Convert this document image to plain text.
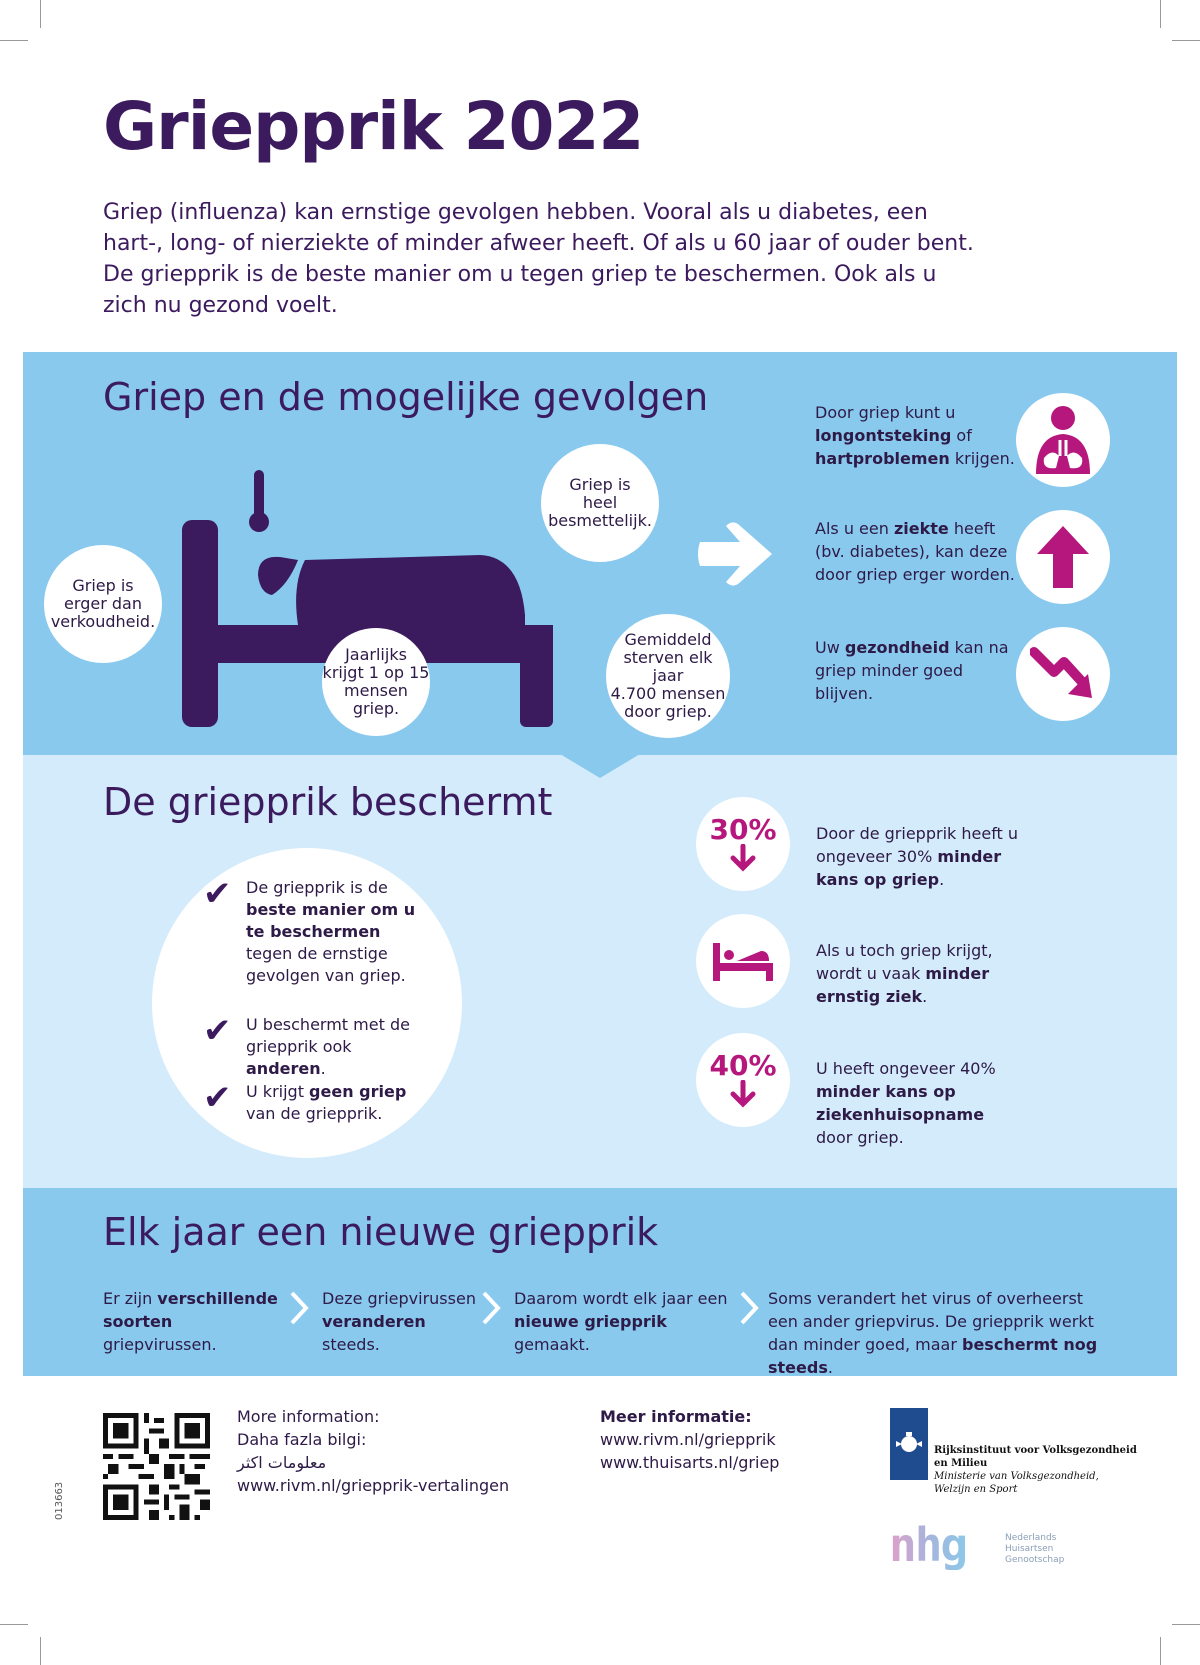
Griepprik 2022

Griep (influenza) kan ernstige gevolgen hebben. Vooral als u diabetes, een hart-, long- of nierziekte of minder afweer heeft. Of als u 60 jaar of ouder bent. De griepprik is de beste manier om u tegen griep te beschermen. Ook als u zich nu gezond voelt.

Griep en de mogelijke gevolgen
Griep is
erger dan
verkoudheid.
Griep is
heel
besmettelijk.
Jaarlijks
krijgt 1 op 15
mensen
griep.
Gemiddeld
sterven elk jaar
4.700 mensen
door griep.
Door griep kunt u longontsteking of hartproblemen krijgen.
Als u een ziekte heeft (bv. diabetes), kan deze door griep erger worden.
Uw gezondheid kan na griep minder goed blijven.
De griepprik beschermt
✔ De griepprik is de beste manier om u te beschermen tegen de ernstige gevolgen van griep.
✔ U beschermt met de griepprik ook anderen.
✔ U krijgt geen griep van de griepprik.
30% Door de griepprik heeft u ongeveer 30% minder kans op griep.
Als u toch griep krijgt, wordt u vaak minder ernstig ziek.
40% U heeft ongeveer 40% minder kans op ziekenhuisopname door griep.
Elk jaar een nieuwe griepprik
Er zijn verschillende soorten griepvirussen.
Deze griepvirussen veranderen steeds.
Daarom wordt elk jaar een nieuwe griepprik gemaakt.
Soms verandert het virus of overheerst een ander griepvirus. De griepprik werkt dan minder goed, maar beschermt nog steeds.
013663
More information:
Daha fazla bilgi:
معلومات اكثر
www.rivm.nl/griepprik-vertalingen
Meer informatie:
www.rivm.nl/griepprik
www.thuisarts.nl/griep
Rijksinstituut voor Volksgezondheid
en Milieu
Ministerie van Volksgezondheid,
Welzijn en Sport
nhg	Nederlands
Huisartsen
Genootschap
